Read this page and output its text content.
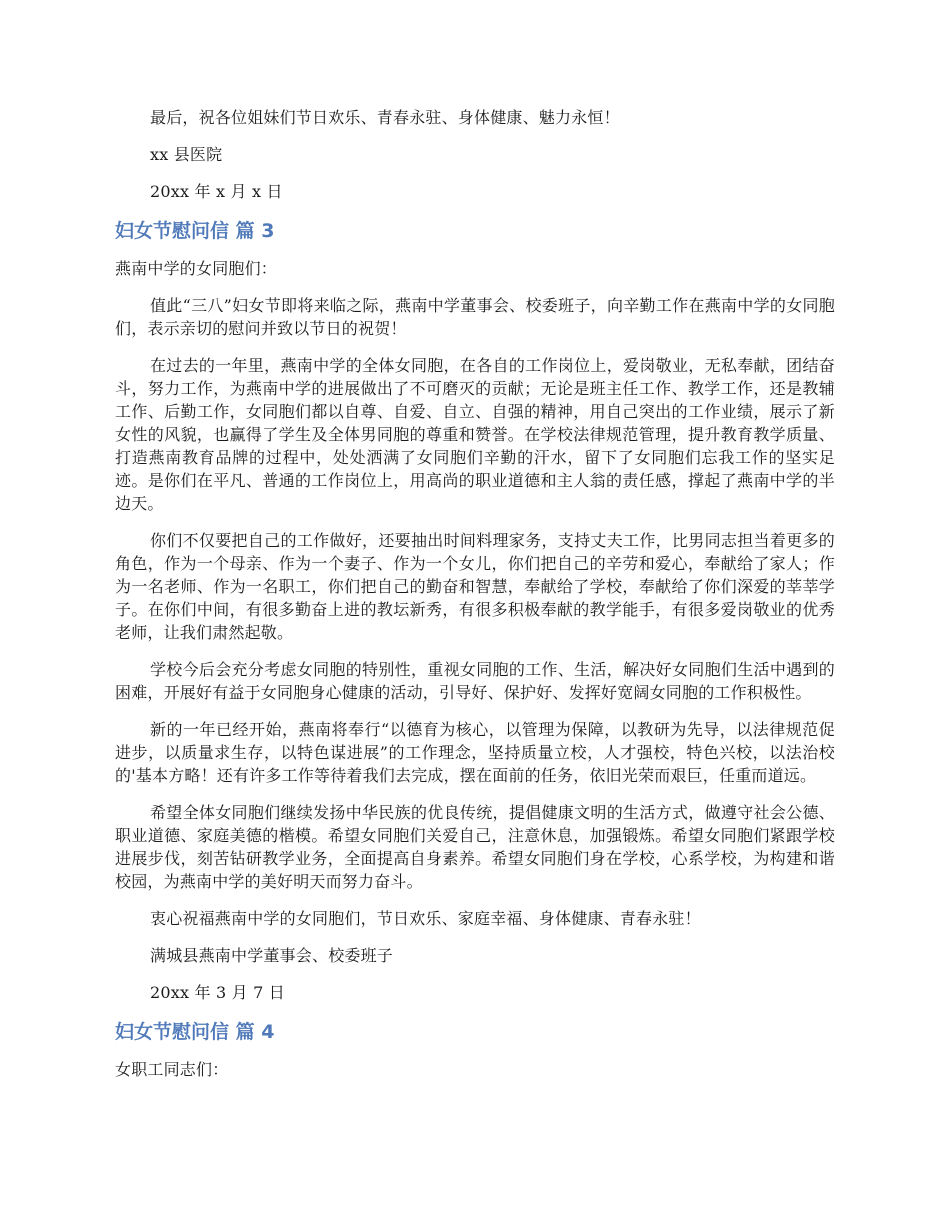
最后，祝各位姐妹们节日欢乐、青春永驻、身体健康、魅力永恒！

xx 县医院

20xx 年 x 月 x 日

妇女节慰问信 篇 3

燕南中学的女同胞们：

值此“三八”妇女节即将来临之际，燕南中学董事会、校委班子，向辛勤工作在燕南中学的女同胞们，表示亲切的慰问并致以节日的祝贺！

在过去的一年里，燕南中学的全体女同胞，在各自的工作岗位上，爱岗敬业，无私奉献，团结奋斗，努力工作，为燕南中学的进展做出了不可磨灭的贡献；无论是班主任工作、教学工作，还是教辅工作、后勤工作，女同胞们都以自尊、自爱、自立、自强的精神，用自己突出的工作业绩，展示了新女性的风貌，也赢得了学生及全体男同胞的尊重和赞誉。在学校法律规范管理，提升教育教学质量、打造燕南教育品牌的过程中，处处洒满了女同胞们辛勤的汗水，留下了女同胞们忘我工作的坚实足迹。是你们在平凡、普通的工作岗位上，用高尚的职业道德和主人翁的责任感，撑起了燕南中学的半边天。

你们不仅要把自己的工作做好，还要抽出时间料理家务，支持丈夫工作，比男同志担当着更多的角色，作为一个母亲、作为一个妻子、作为一个女儿，你们把自己的辛劳和爱心，奉献给了家人；作为一名老师、作为一名职工，你们把自己的勤奋和智慧，奉献给了学校，奉献给了你们深爱的莘莘学子。在你们中间，有很多勤奋上进的教坛新秀，有很多积极奉献的教学能手，有很多爱岗敬业的优秀老师，让我们肃然起敬。

学校今后会充分考虑女同胞的特别性，重视女同胞的工作、生活，解决好女同胞们生活中遇到的困难，开展好有益于女同胞身心健康的活动，引导好、保护好、发挥好宽阔女同胞的工作积极性。

新的一年已经开始，燕南将奉行“以德育为核心，以管理为保障，以教研为先导，以法律规范促进步，以质量求生存，以特色谋进展”的工作理念，坚持质量立校，人才强校，特色兴校，以法治校的'基本方略！还有许多工作等待着我们去完成，摆在面前的任务，依旧光荣而艰巨，任重而道远。

希望全体女同胞们继续发扬中华民族的优良传统，提倡健康文明的生活方式，做遵守社会公德、职业道德、家庭美德的楷模。希望女同胞们关爱自己，注意休息，加强锻炼。希望女同胞们紧跟学校进展步伐，刻苦钻研教学业务，全面提高自身素养。希望女同胞们身在学校，心系学校，为构建和谐校园，为燕南中学的美好明天而努力奋斗。

衷心祝福燕南中学的女同胞们，节日欢乐、家庭幸福、身体健康、青春永驻！

满城县燕南中学董事会、校委班子

20xx 年 3 月 7 日

妇女节慰问信 篇 4

女职工同志们：
